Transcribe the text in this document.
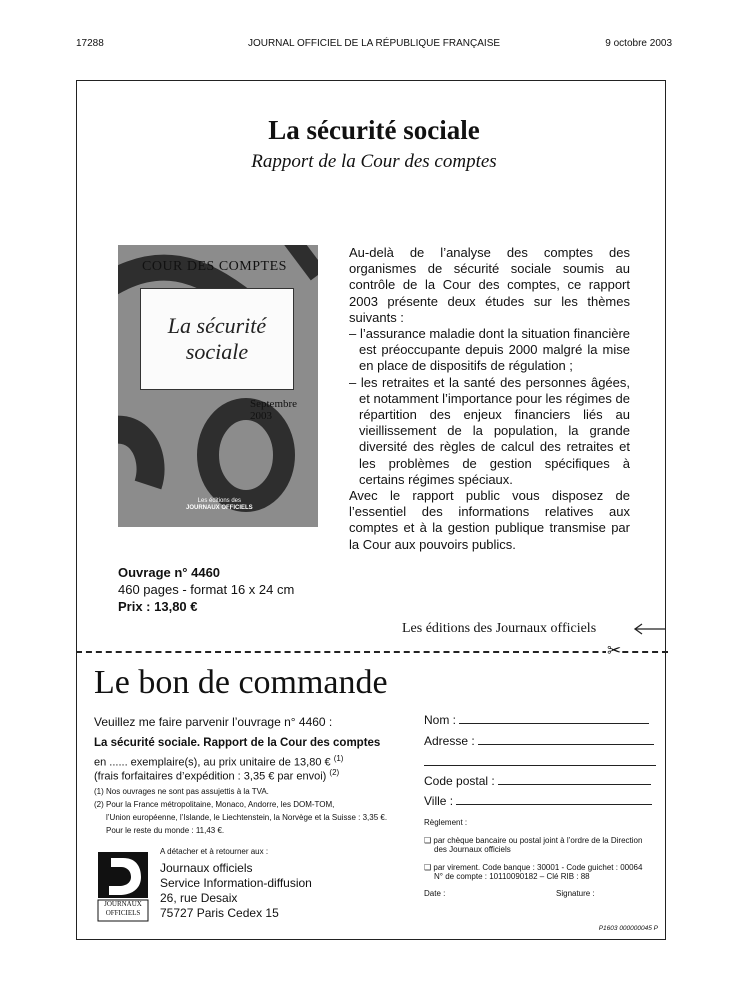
17288	JOURNAL OFFICIEL DE LA RÉPUBLIQUE FRANÇAISE	9 octobre 2003
La sécurité sociale
Rapport de la Cour des comptes
COUR DES COMPTES
La sécurité
sociale
Septembre 2003
Les éditions des
JOURNAUX OFFICIELS

Au-delà de l’analyse des comptes des organismes de sécurité sociale soumis au contrôle de la Cour des comptes, ce rapport 2003 présente deux études sur les thèmes suivants :

– l’assurance maladie dont la situation financière est préoccupante depuis 2000 malgré la mise en place de dispositifs de régulation ;
– les retraites et la santé des personnes âgées, et notamment l’importance pour les régimes de répartition des enjeux financiers liés au vieillissement de la population, la grande diversité des règles de calcul des retraites et les problèmes de gestion spécifiques à certains régimes spéciaux.

Avec le rapport public vous disposez de l’essentiel des informations relatives aux comptes et à la gestion publique transmise par la Cour aux pouvoirs publics.

Ouvrage n° 4460
460 pages - format 16 x 24 cm
Prix : 13,80 €
Les éditions des Journaux officiels
✂
Le bon de commande
Veuillez me faire parvenir l’ouvrage n° 4460 :
La sécurité sociale. Rapport de la Cour des comptes
en ...... exemplaire(s), au prix unitaire de 13,80 € $^{(1)}$
(frais forfaitaires d’expédition : 3,35 € par envoi) $^{(2)}$
(1) Nos ouvrages ne sont pas assujettis à la TVA.
(2) Pour la France métropolitaine, Monaco, Andorre, les DOM-TOM,
l’Union européenne, l’Islande, le Liechtenstein, la Norvège et la Suisse : 3,35 €.
Pour le reste du monde : 11,43 €.
JOURNAUX
OFFICIELS
A détacher et à retourner aux :
Journaux officiels
Service Information-diffusion
26, rue Desaix
75727 Paris Cedex 15
Nom :
Adresse :
Code postal :
Ville :
Règlement :
❑ par chèque bancaire ou postal joint à l’ordre de la Direction
des Journaux officiels
❑ par virement. Code banque : 30001 - Code guichet : 00064
N° de compte : 10110090182 – Clé RIB : 88
Date :	Signature :
P1603 000000045 P
